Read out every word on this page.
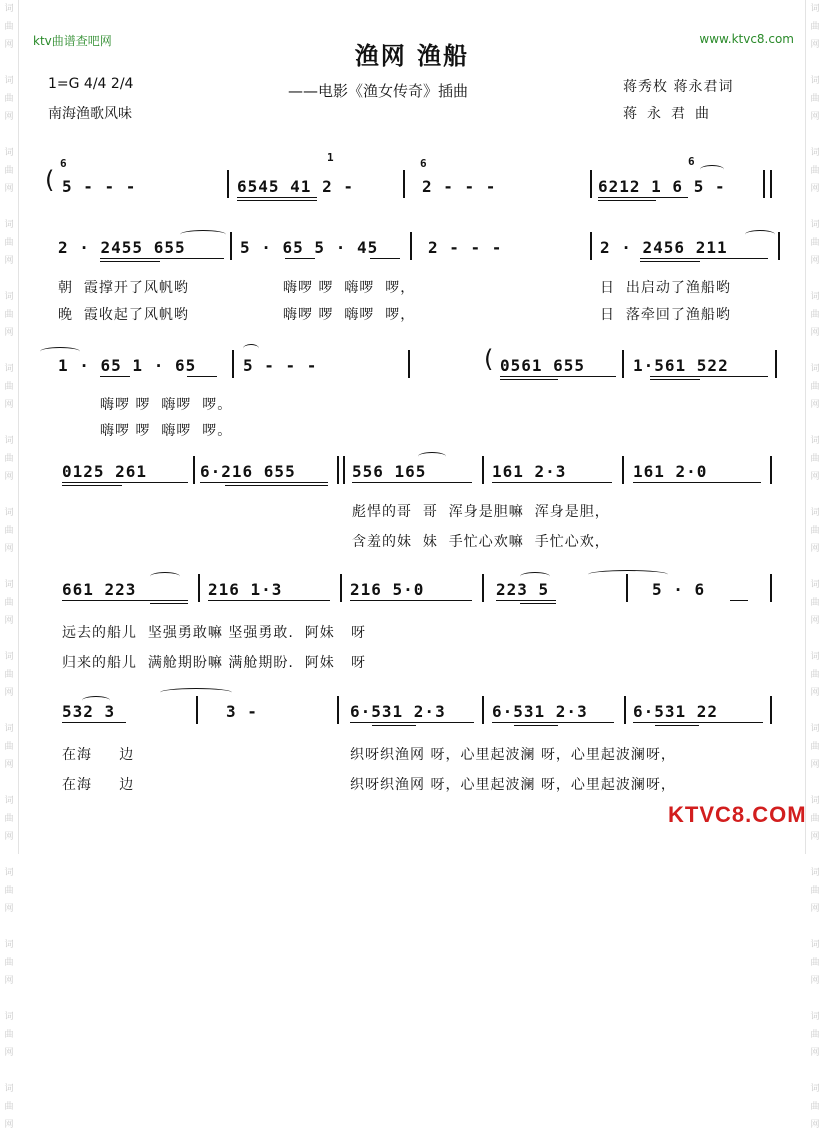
词
曲
网

词
曲
网

词
曲
网

词
曲
网

词
曲
网

词
曲
网

词
曲
网

词
曲
网

词
曲
网

词
曲
网

词
曲
网

词
曲
网

词
曲
网

词
曲
网

词
曲
网

词
曲
网

词
曲
网

词
曲
网

词
曲
网

词
曲
网

词
曲
网

词
曲
网

词
曲
网

词
曲
网

词
曲
网

词
曲
网

词
曲
网

词
曲
网

词
曲
网

词
曲
网

词
曲
网

词
曲
网

ktv曲谱查吧网	www.ktvc8.com
渔网 渔船
——电影《渔女传奇》插曲
1=G 4/4 2/4
南海渔歌风味
蒋秀枚 蒋永君词
蒋永君曲
(
6
5 - - -
1
6545 41 2 -
6
2 - - -
6
6212 1 6 5 -
2 · 2455 655	5 · 65 5 · 45	2 - - -	2 · 2456 211
朝  霞撑开了风帆哟	嗨啰 啰  嗨啰  啰，	日  出启动了渔船哟
晚  霞收起了风帆哟	嗨啰 啰  嗨啰  啰，	日  落牵回了渔船哟
1 · 65 1 · 65	5 - - -	( 0561 655	1·561 522
嗨啰 啰  嗨啰  啰。
嗨啰 啰  嗨啰  啰。
0125 261	6·216 655	556 165	161 2·3	161 2·0
彪悍的哥  哥  浑身是胆嘛  浑身是胆，
含羞的妹  妹  手忙心欢嘛  手忙心欢，
661 223	216 1·3	216 5·0	223 5	5 · 6
远去的船儿  坚强勇敢嘛 坚强勇敢.  阿妹   呀
归来的船儿  满舱期盼嘛 满舱期盼.  阿妹   呀
532 3	3 -	6·531 2·3	6·531 2·3	6·531 22
在海     边	织呀织渔网 呀，心里起波澜 呀，心里起波澜呀，
在海     边	织呀织渔网 呀，心里起波澜 呀，心里起波澜呀，
KTVC8.COM
